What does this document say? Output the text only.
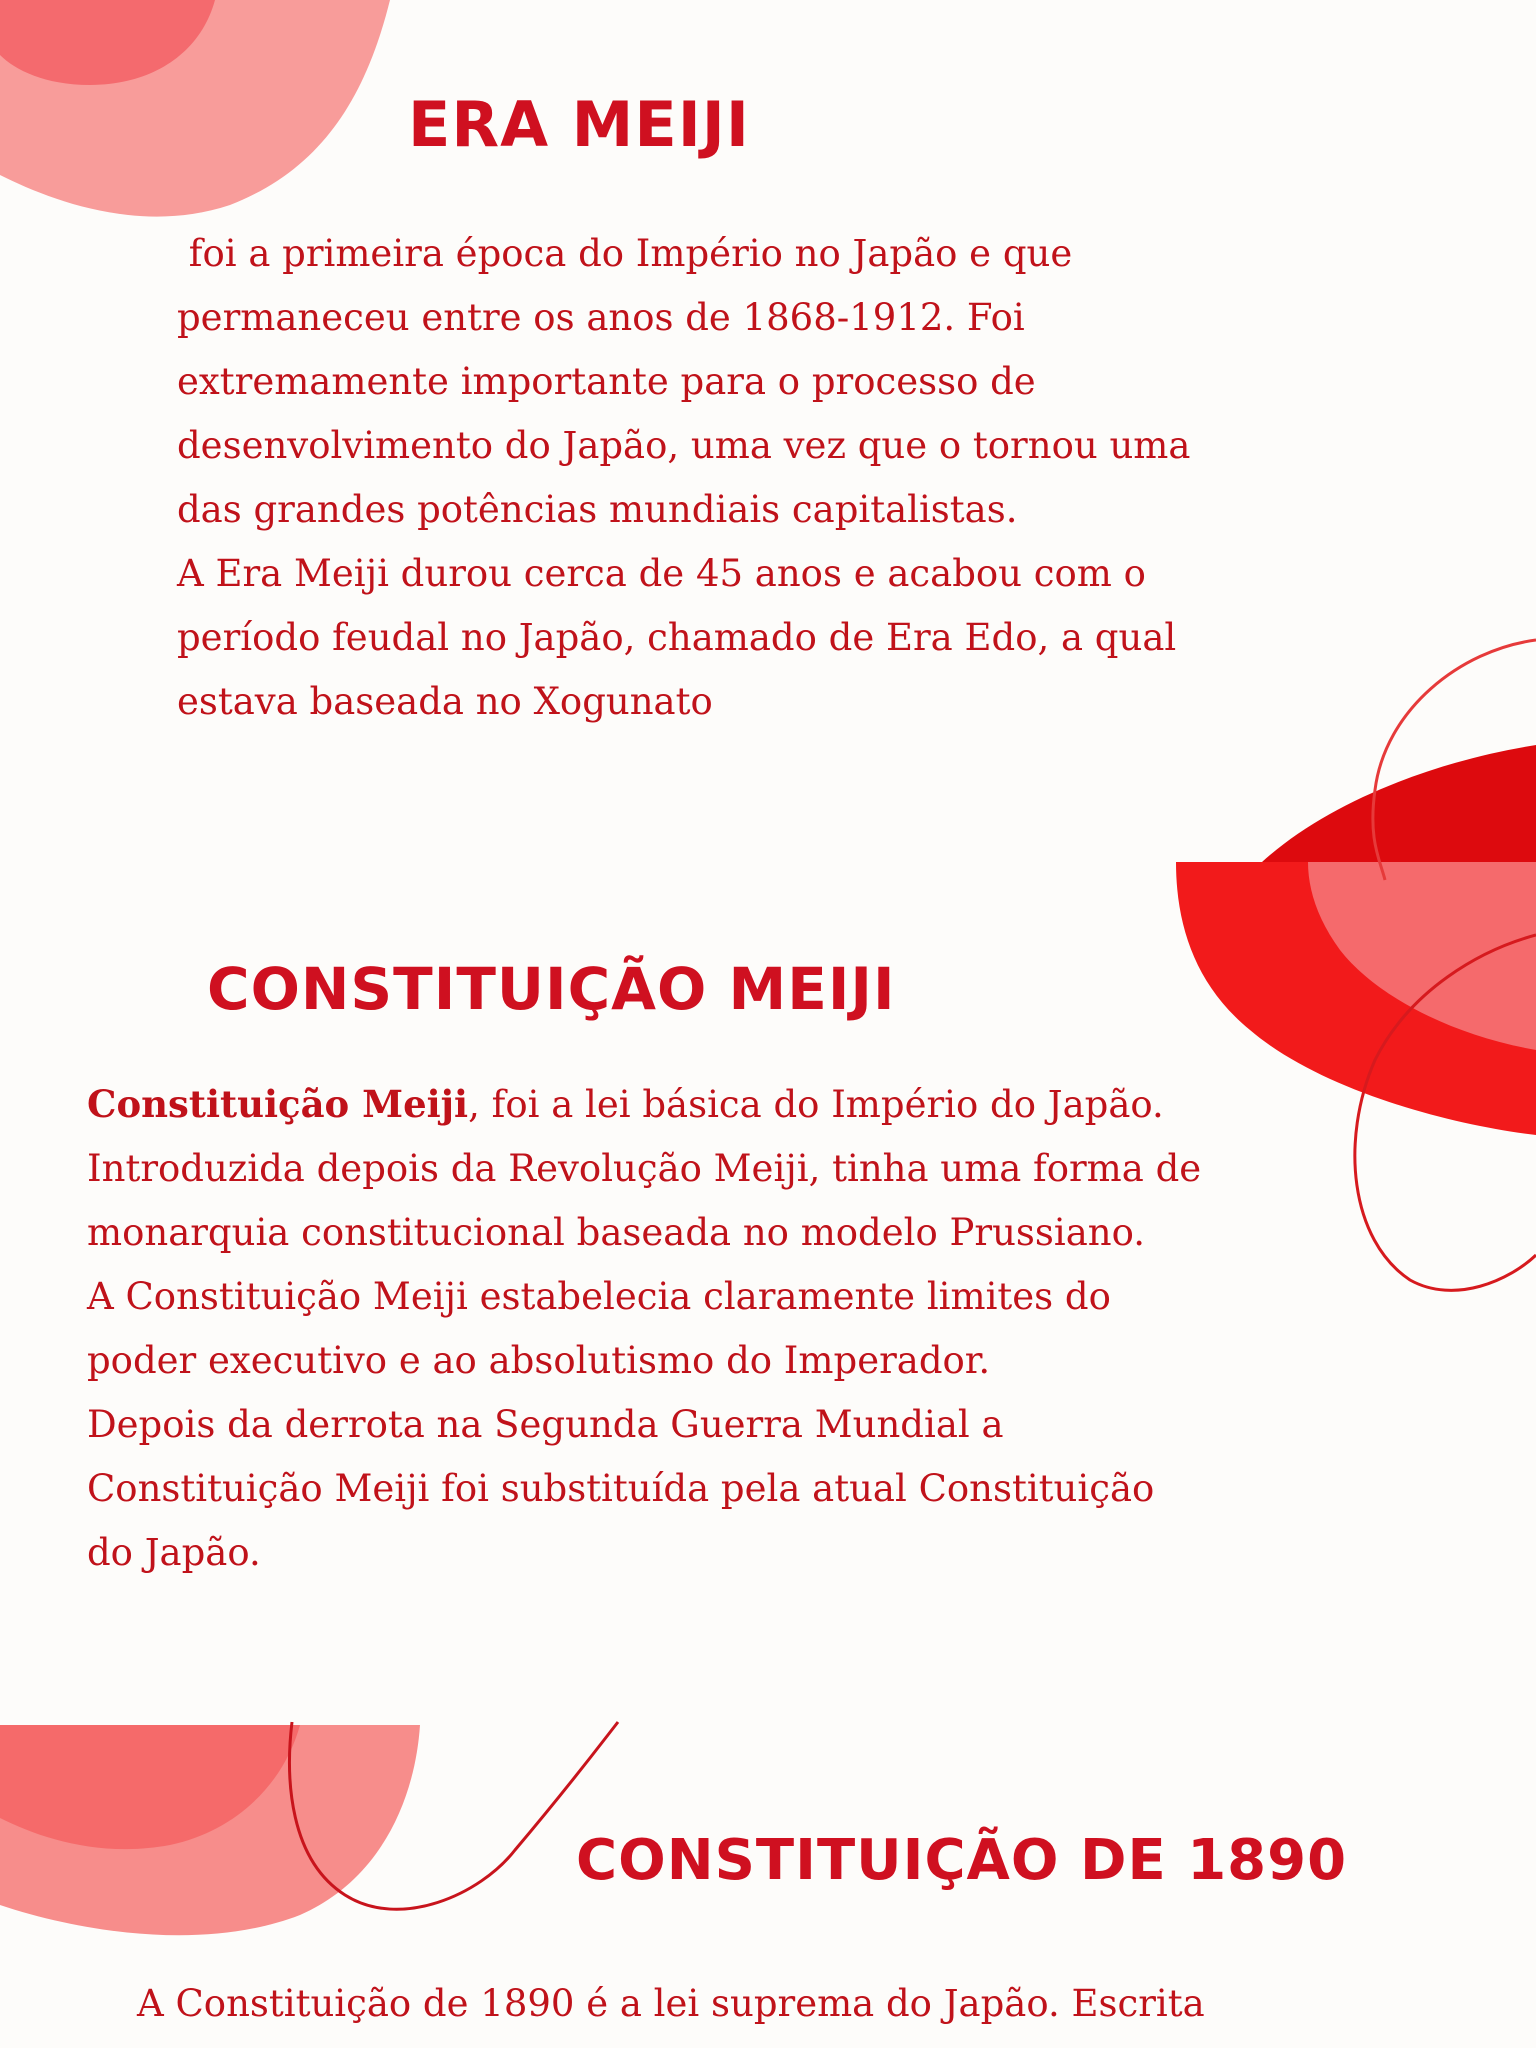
ERA MEIJI
foi a primeira época do Império no Japão e que
permaneceu entre os anos de 1868-1912. Foi
extremamente importante para o processo de
desenvolvimento do Japão, uma vez que o tornou uma
das grandes potências mundiais capitalistas.
A Era Meiji durou cerca de 45 anos e acabou com o
período feudal no Japão, chamado de Era Edo, a qual
estava baseada no Xogunato
CONSTITUIÇÃO MEIJI
Constituição Meiji, foi a lei básica do Império do Japão.
Introduzida depois da Revolução Meiji, tinha uma forma de
monarquia constitucional baseada no modelo Prussiano.
A Constituição Meiji estabelecia claramente limites do
poder executivo e ao absolutismo do Imperador.
Depois da derrota na Segunda Guerra Mundial a
Constituição Meiji foi substituída pela atual Constituição
do Japão.
CONSTITUIÇÃO DE 1890
A Constituição de 1890 é a lei suprema do Japão. Escrita
